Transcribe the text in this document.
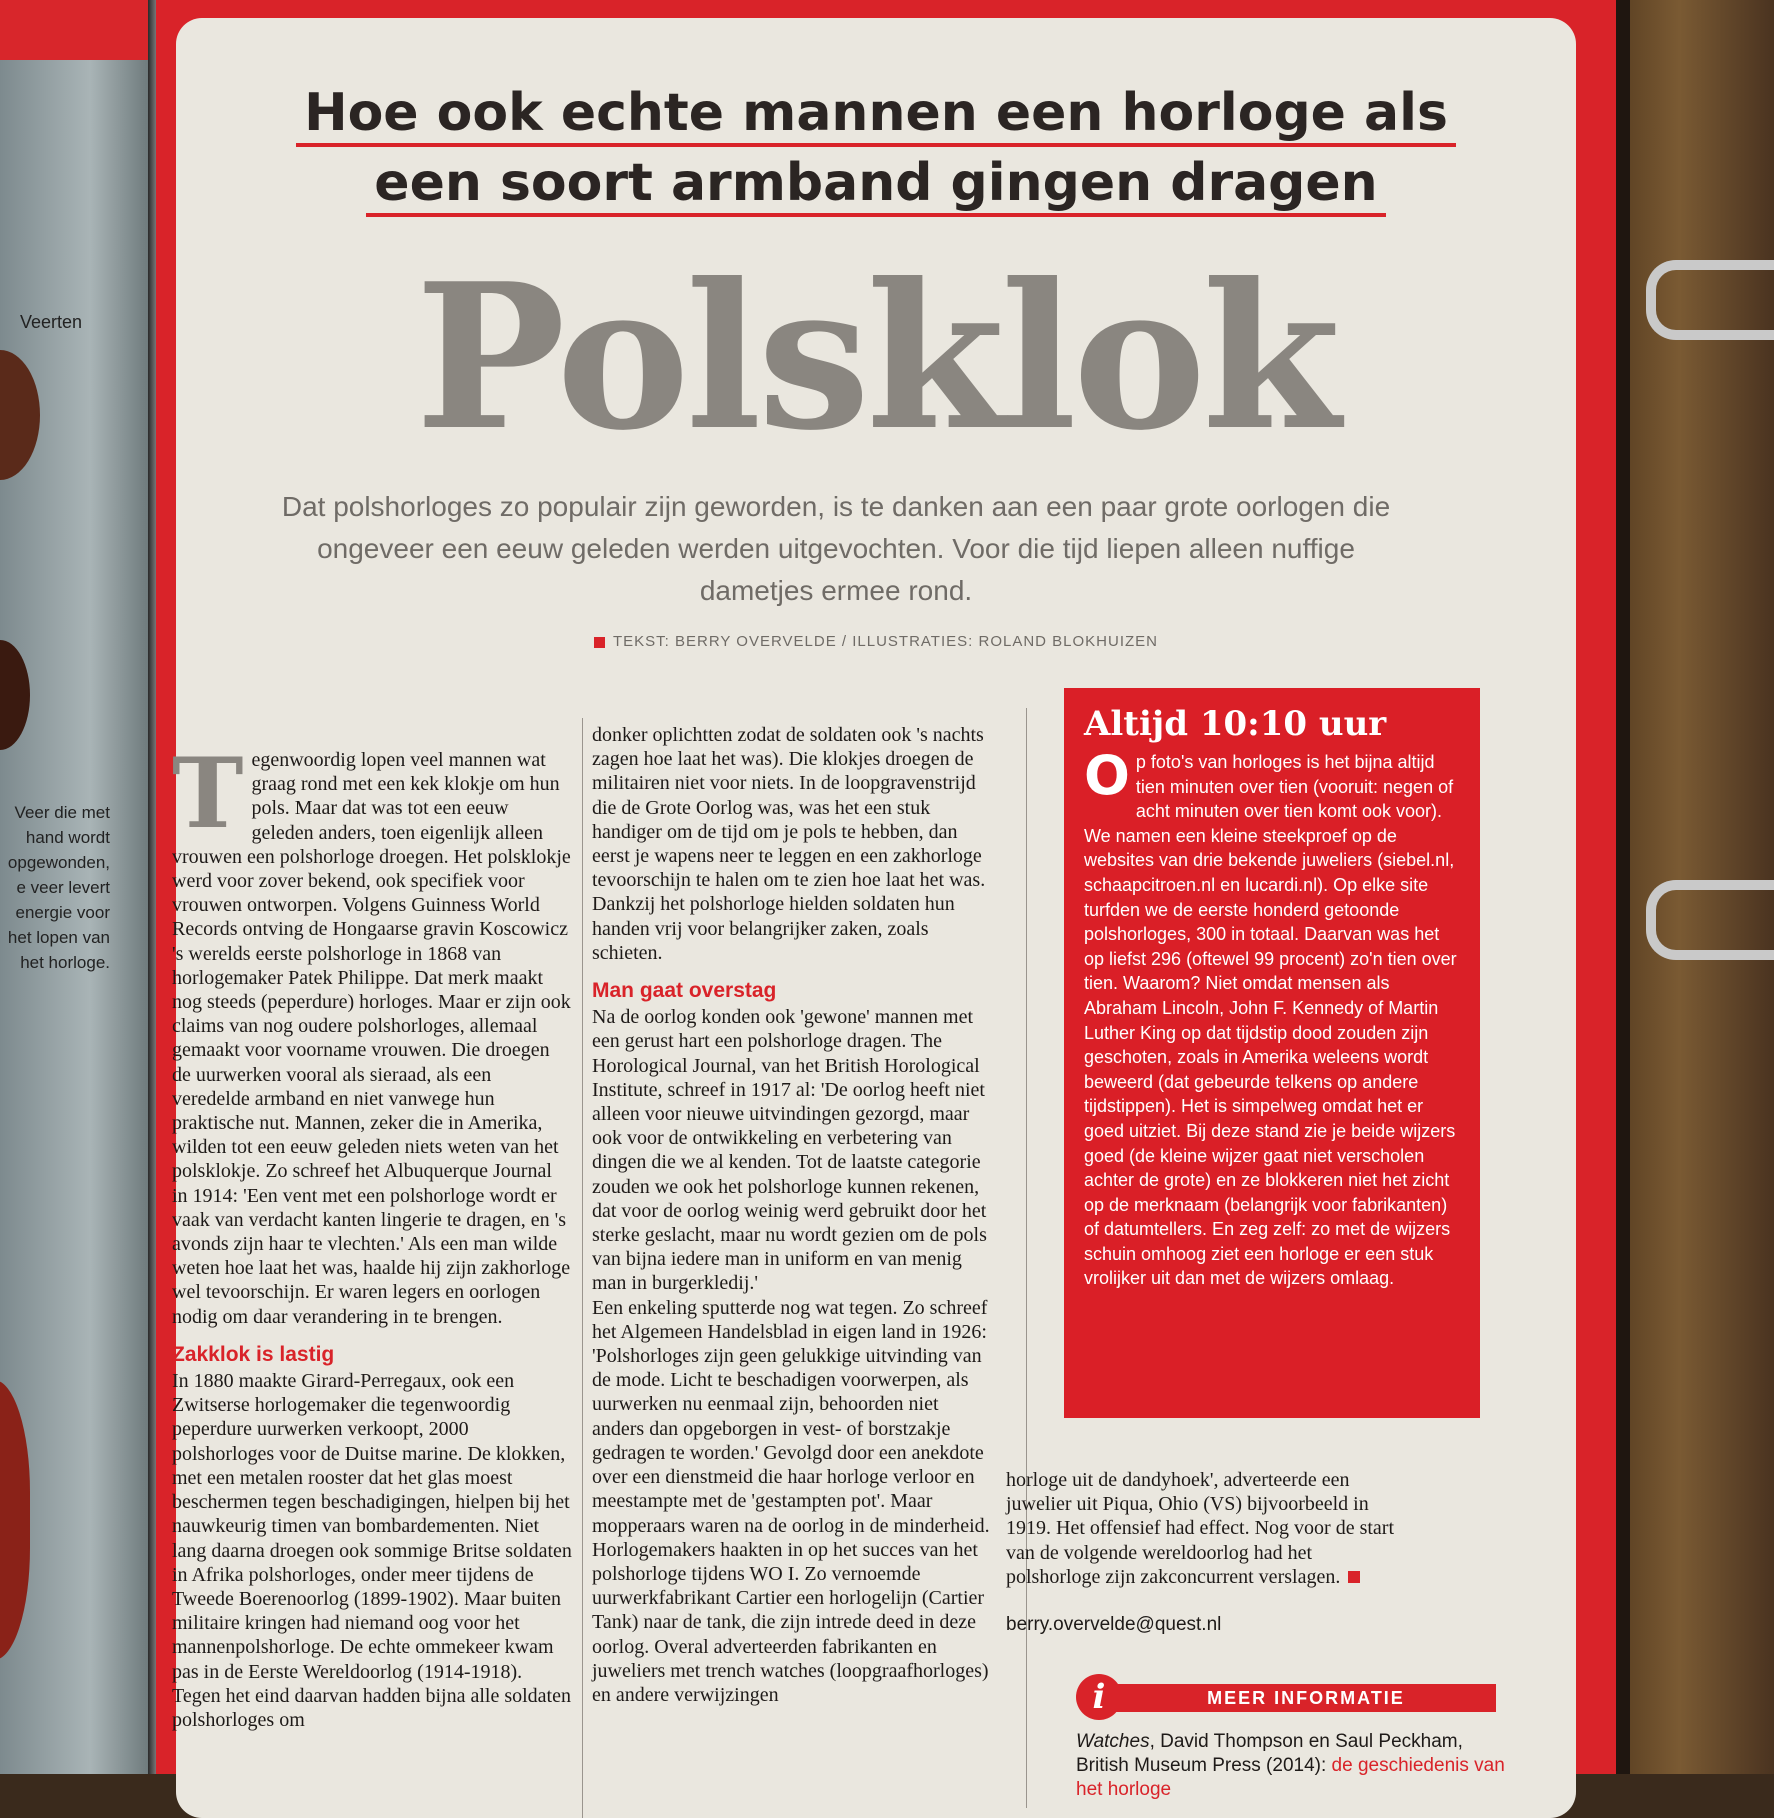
Veerten
Veer die met
hand wordt
opgewonden,
e veer levert
energie voor
het lopen van
het horloge.
Hoe ook echte mannen een horloge als
een soort armband gingen dragen
Polsklok
Dat polshorloges zo populair zijn geworden, is te danken aan een paar grote oorlogen die ongeveer een eeuw geleden werden uitgevochten. Voor die tijd liepen alleen nuffige dametjes ermee rond.
TEKST: BERRY OVERVELDE / ILLUSTRATIES: ROLAND BLOKHUIZEN

Tegenwoordig lopen veel mannen wat graag rond met een kek klokje om hun pols. Maar dat was tot een eeuw geleden anders, toen eigenlijk alleen vrouwen een polshorloge droegen. Het polsklokje werd voor zover bekend, ook specifiek voor vrouwen ontworpen. Volgens Guinness World Records ontving de Hongaarse gravin Koscowicz 's werelds eerste polshorloge in 1868 van horlogemaker Patek Philippe. Dat merk maakt nog steeds (peperdure) horloges. Maar er zijn ook claims van nog oudere polshorloges, allemaal gemaakt voor voorname vrouwen. Die droegen de uurwerken vooral als sieraad, als een veredelde armband en niet vanwege hun praktische nut. Mannen, zeker die in Amerika, wilden tot een eeuw geleden niets weten van het polsklokje. Zo schreef het Albuquerque Journal in 1914: 'Een vent met een polshorloge wordt er vaak van verdacht kanten lingerie te dragen, en 's avonds zijn haar te vlechten.' Als een man wilde weten hoe laat het was, haalde hij zijn zakhorloge wel tevoorschijn. Er waren legers en oorlogen nodig om daar verandering in te brengen.

Zakklok is lastig

In 1880 maakte Girard-Perregaux, ook een Zwitserse horlogemaker die tegenwoordig peperdure uurwerken verkoopt, 2000 polshorloges voor de Duitse marine. De klokken, met een metalen rooster dat het glas moest beschermen tegen beschadigingen, hielpen bij het nauwkeurig timen van bombardementen. Niet lang daarna droegen ook sommige Britse soldaten in Afrika polshorloges, onder meer tijdens de Tweede Boerenoorlog (1899-1902). Maar buiten militaire kringen had niemand oog voor het mannenpolshorloge. De echte ommekeer kwam pas in de Eerste Wereldoorlog (1914-1918). Tegen het eind daarvan hadden bijna alle soldaten polshorloges om

donker oplichtten zodat de soldaten ook 's nachts zagen hoe laat het was). Die klokjes droegen de militairen niet voor niets. In de loopgravenstrijd die de Grote Oorlog was, was het een stuk handiger om de tijd om je pols te hebben, dan eerst je wapens neer te leggen en een zakhorloge tevoorschijn te halen om te zien hoe laat het was. Dankzij het polshorloge hielden soldaten hun handen vrij voor belangrijker zaken, zoals schieten.

Man gaat overstag

Na de oorlog konden ook 'gewone' mannen met een gerust hart een polshorloge dragen. The Horological Journal, van het British Horological Institute, schreef in 1917 al: 'De oorlog heeft niet alleen voor nieuwe uitvindingen gezorgd, maar ook voor de ontwikkeling en verbetering van dingen die we al kenden. Tot de laatste categorie zouden we ook het polshorloge kunnen rekenen, dat voor de oorlog weinig werd gebruikt door het sterke geslacht, maar nu wordt gezien om de pols van bijna iedere man in uniform en van menig man in burgerkledij.'

Een enkeling sputterde nog wat tegen. Zo schreef het Algemeen Handelsblad in eigen land in 1926: 'Polshorloges zijn geen gelukkige uitvinding van de mode. Licht te beschadigen voorwerpen, als uurwerken nu eenmaal zijn, behoorden niet anders dan opgeborgen in vest- of borstzakje gedragen te worden.' Gevolgd door een anekdote over een dienstmeid die haar horloge verloor en meestampte met de 'gestampten pot'. Maar mopperaars waren na de oorlog in de minderheid. Horlogemakers haakten in op het succes van het polshorloge tijdens WO I. Zo vernoemde uurwerkfabrikant Cartier een horlogelijn (Cartier Tank) naar de tank, die zijn intrede deed in deze oorlog. Overal adverteerden fabrikanten en juweliers met trench watches (loopgraafhorloges) en andere verwijzingen

Altijd 10:10 uur
Op foto's van horloges is het bijna altijd tien minuten over tien (vooruit: negen of acht minuten over tien komt ook voor). We namen een kleine steekproef op de websites van drie bekende juweliers (siebel.nl, schaapcitroen.nl en lucardi.nl). Op elke site turfden we de eerste honderd getoonde polshorloges, 300 in totaal. Daarvan was het op liefst 296 (oftewel 99 procent) zo'n tien over tien. Waarom? Niet omdat mensen als Abraham Lincoln, John F. Kennedy of Martin Luther King op dat tijdstip dood zouden zijn geschoten, zoals in Amerika weleens wordt beweerd (dat gebeurde telkens op andere tijdstippen). Het is simpelweg omdat het er goed uitziet. Bij deze stand zie je beide wijzers goed (de kleine wijzer gaat niet verscholen achter de grote) en ze blokkeren niet het zicht op de merknaam (belangrijk voor fabrikanten) of datumtellers. En zeg zelf: zo met de wijzers schuin omhoog ziet een horloge er een stuk vrolijker uit dan met de wijzers omlaag.

horloge uit de dandyhoek', adverteerde een juwelier uit Piqua, Ohio (VS) bijvoorbeeld in 1919. Het offensief had effect. Nog voor de start van de volgende wereldoorlog had het polshorloge zijn zakconcurrent verslagen.

berry.overvelde@quest.nl

i	MEER INFORMATIE
Watches, David Thompson en Saul Peckham, British Museum Press (2014): de geschiedenis van het horloge
